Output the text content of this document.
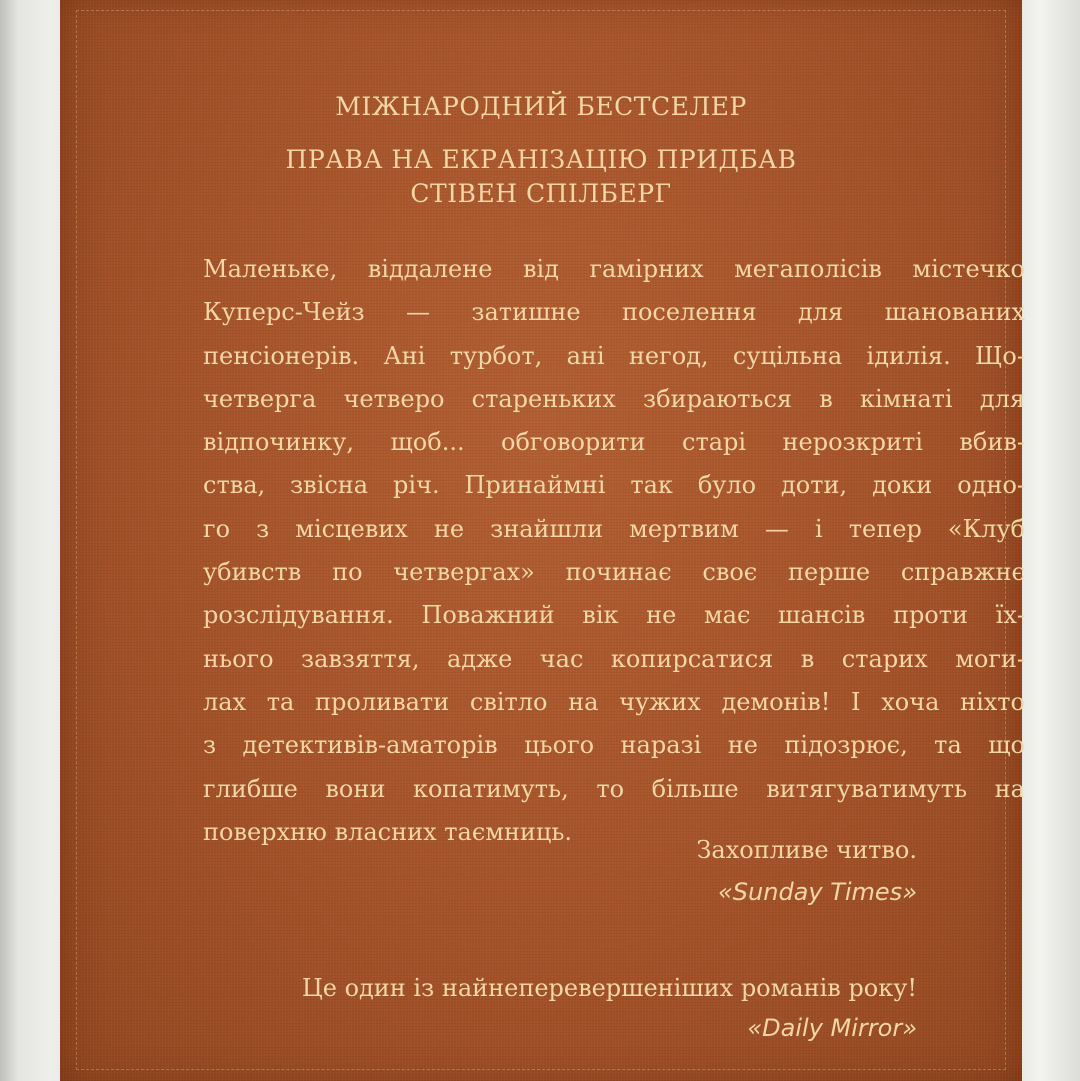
МІЖНАРОДНИЙ БЕСТСЕЛЕР

ПРАВА НА ЕКРАНІЗАЦІЮ ПРИДБАВ

СТІВЕН СПІЛБЕРГ

Маленьке, віддалене від гамірних мегаполісів містечко
Куперс-Чейз — затишне поселення для шанованих
пенсіонерів. Ані турбот, ані негод, суцільна ідилія. Що-
четверга четверо стареньких збираються в кімнаті для
відпочинку, щоб... обговорити старі нерозкриті вбив-
ства, звісна річ. Принаймні так було доти, доки одно-
го з місцевих не знайшли мертвим — і тепер «Клуб
убивств по четвергах» починає своє перше справжнє
розслідування. Поважний вік не має шансів проти їх-
нього завзяття, адже час копирсатися в старих моги-
лах та проливати світло на чужих демонів! І хоча ніхто
з детективів-аматорів цього наразі не підозрює, та що
глибше вони копатимуть, то більше витягуватимуть на
поверхню власних таємниць.

Захопливе читво.

«Sunday Times»

Це один із найнеперевершеніших романів року!

«Daily Mirror»
